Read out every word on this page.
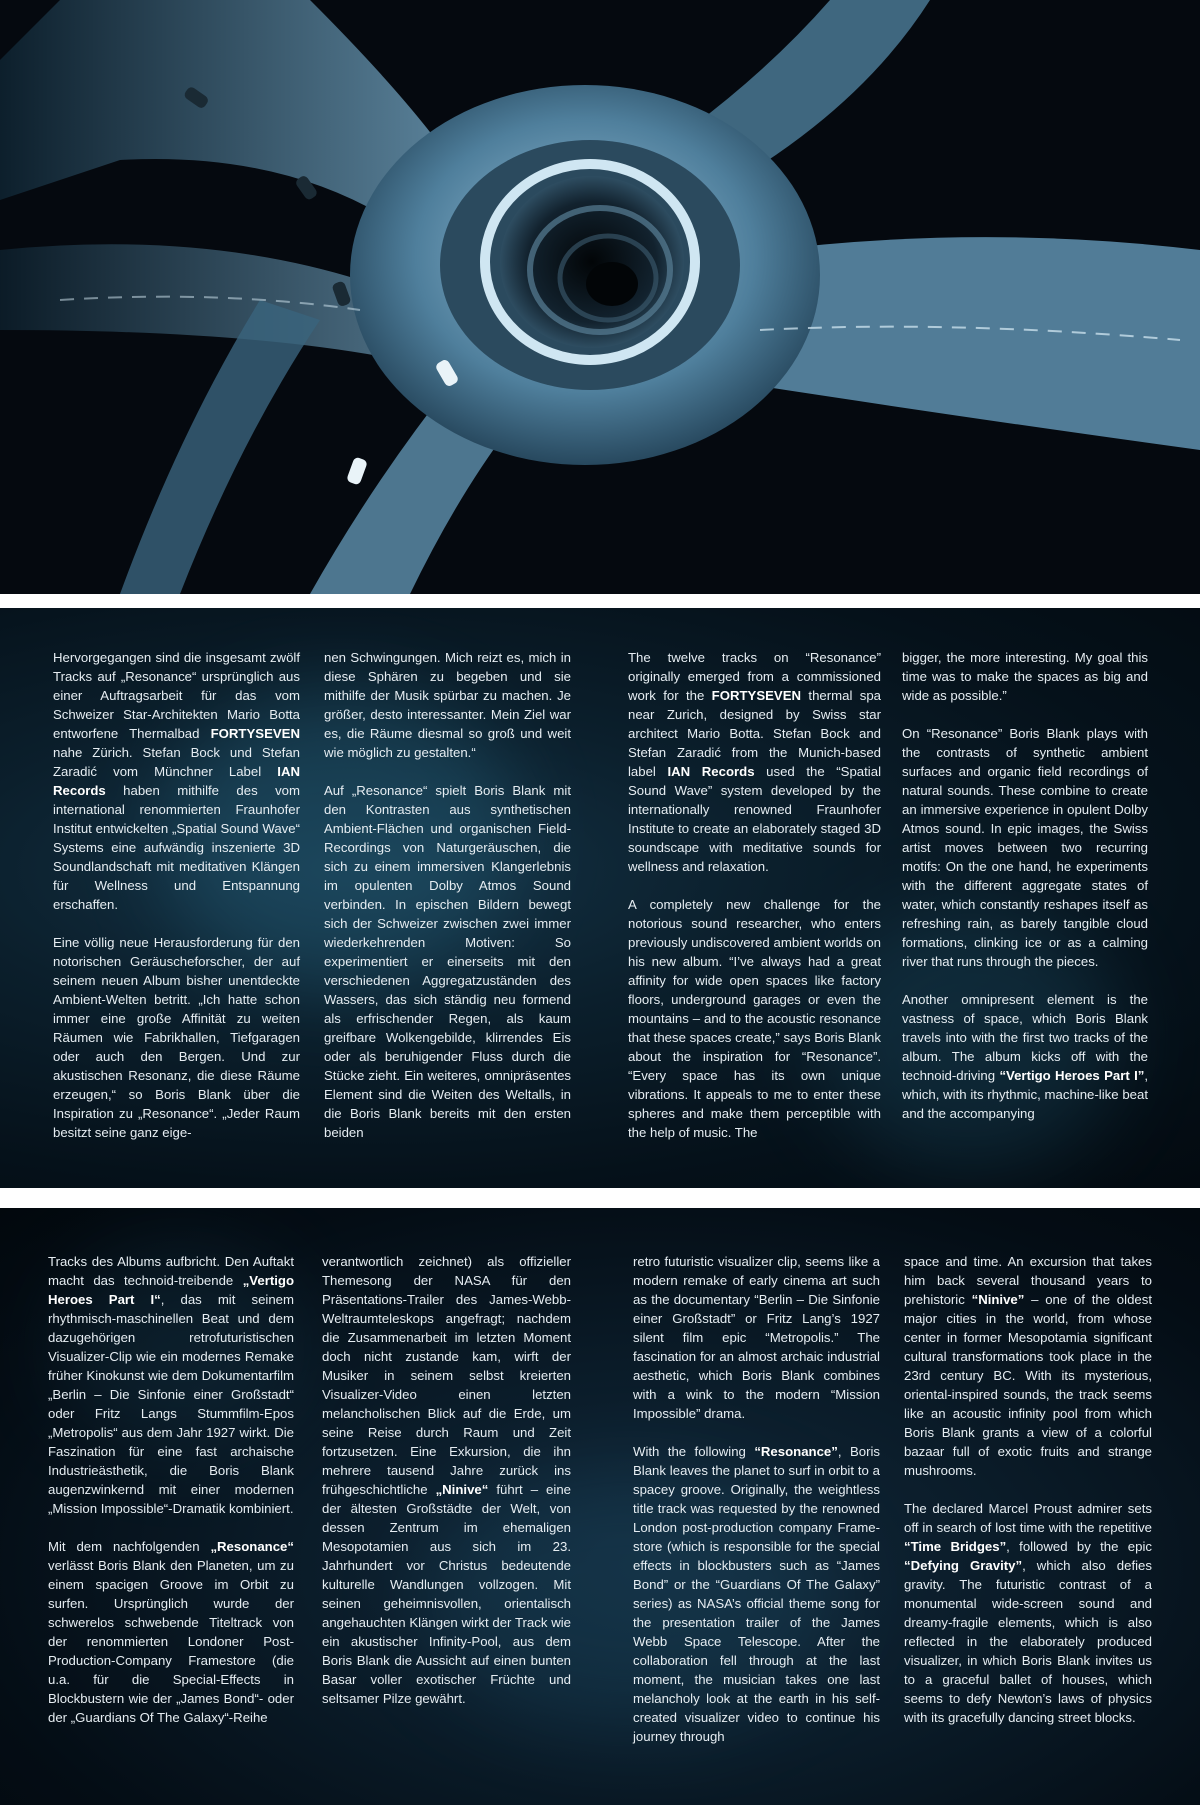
Hervorgegangen sind die insgesamt zwölf Tracks auf „Resonance“ ursprünglich aus einer Auftragsarbeit für das vom Schweizer Star-Architekten Mario Botta entworfene Thermalbad FORTYSEVEN nahe Zürich. Stefan Bock und Stefan Zaradić vom Münchner Label IAN Records haben mithilfe des vom international renommierten Fraunhofer Institut entwickelten „Spatial Sound Wave“ Systems eine aufwändig inszenierte 3D Soundlandschaft mit meditativen Klängen für Wellness und Entspannung erschaffen.

Eine völlig neue Herausforderung für den notorischen Geräuscheforscher, der auf seinem neuen Album bisher unentdeckte Ambient-Welten betritt. „Ich hatte schon immer eine große Affinität zu weiten Räumen wie Fabrikhallen, Tiefgaragen oder auch den Bergen. Und zur akustischen Resonanz, die diese Räume erzeugen,“ so Boris Blank über die Inspiration zu „Resonance“. „Jeder Raum besitzt seine ganz eige-

nen Schwingungen. Mich reizt es, mich in diese Sphären zu begeben und sie mithilfe der Musik spürbar zu machen. Je größer, desto interessanter. Mein Ziel war es, die Räume diesmal so groß und weit wie möglich zu gestalten.“

Auf „Resonance“ spielt Boris Blank mit den Kontrasten aus synthetischen Ambient-Flächen und organischen Field-Recordings von Naturgeräuschen, die sich zu einem immersiven Klangerlebnis im opulenten Dolby Atmos Sound verbinden. In epischen Bildern bewegt sich der Schweizer zwischen zwei immer wiederkehrenden Motiven: So experimentiert er einerseits mit den verschiedenen Aggregatzuständen des Wassers, das sich ständig neu formend als erfrischender Regen, als kaum greifbare Wolkengebilde, klirrendes Eis oder als beruhigender Fluss durch die Stücke zieht. Ein weiteres, omnipräsentes Element sind die Weiten des Weltalls, in die Boris Blank bereits mit den ersten beiden

The twelve tracks on “Resonance” originally emerged from a commissioned work for the FORTYSEVEN thermal spa near Zurich, designed by Swiss star architect Mario Botta. Stefan Bock and Stefan Zaradić from the Munich-based label IAN Records used the “Spatial Sound Wave” system developed by the internationally renowned Fraunhofer Institute to create an elaborately staged 3D soundscape with meditative sounds for wellness and relaxation.

A completely new challenge for the notorious sound researcher, who enters previously undiscovered ambient worlds on his new album. “I’ve always had a great affinity for wide open spaces like factory floors, underground garages or even the mountains – and to the acoustic resonance that these spaces create,” says Boris Blank about the inspiration for “Resonance”. “Every space has its own unique vibrations. It appeals to me to enter these spheres and make them perceptible with the help of music. The

bigger, the more interesting. My goal this time was to make the spaces as big and wide as possible.”

On “Resonance” Boris Blank plays with the contrasts of synthetic ambient surfaces and organic field recordings of natural sounds. These combine to create an immersive experience in opulent Dolby Atmos sound. In epic images, the Swiss artist moves between two recurring motifs: On the one hand, he experiments with the different aggregate states of water, which constantly reshapes itself as refreshing rain, as barely tangible cloud formations, clinking ice or as a calming river that runs through the pieces.

Another omnipresent element is the vastness of space, which Boris Blank travels into with the first two tracks of the album. The album kicks off with the technoid-driving “Vertigo Heroes Part I”, which, with its rhythmic, machine-like beat and the accompanying

Tracks des Albums aufbricht. Den Auftakt macht das technoid-treibende „Vertigo Heroes Part I“, das mit seinem rhythmisch-maschinellen Beat und dem dazugehörigen retrofuturistischen Visualizer-Clip wie ein modernes Remake früher Kinokunst wie dem Dokumentarfilm „Berlin – Die Sinfonie einer Großstadt“ oder Fritz Langs Stummfilm-Epos „Metropolis“ aus dem Jahr 1927 wirkt. Die Faszination für eine fast archaische Industrieästhetik, die Boris Blank augenzwinkernd mit einer modernen „Mission Impossible“-Dramatik kombiniert.

Mit dem nachfolgenden „Resonance“ verlässt Boris Blank den Planeten, um zu einem spacigen Groove im Orbit zu surfen. Ursprünglich wurde der schwerelos schwebende Titeltrack von der renommierten Londoner Post-Production-Company Framestore (die u.a. für die Special-Effects in Blockbustern wie der „James Bond“- oder der „Guardians Of The Galaxy“-Reihe

verantwortlich zeichnet) als offizieller Themesong der NASA für den Präsentations-Trailer des James-Webb-Weltraumteleskops angefragt; nachdem die Zusammenarbeit im letzten Moment doch nicht zustande kam, wirft der Musiker in seinem selbst kreierten Visualizer-Video einen letzten melancholischen Blick auf die Erde, um seine Reise durch Raum und Zeit fortzusetzen. Eine Exkursion, die ihn mehrere tausend Jahre zurück ins frühgeschichtliche „Ninive“ führt – eine der ältesten Großstädte der Welt, von dessen Zentrum im ehemaligen Mesopotamien aus sich im 23. Jahrhundert vor Christus bedeutende kulturelle Wandlungen vollzogen. Mit seinen geheimnisvollen, orientalisch angehauchten Klängen wirkt der Track wie ein akustischer Infinity-Pool, aus dem Boris Blank die Aussicht auf einen bunten Basar voller exotischer Früchte und seltsamer Pilze gewährt.

retro futuristic visualizer clip, seems like a modern remake of early cinema art such as the documentary “Berlin – Die Sinfonie einer Großstadt” or Fritz Lang’s 1927 silent film epic “Metropolis.” The fascination for an almost archaic industrial aesthetic, which Boris Blank combines with a wink to the modern “Mission Impossible” drama.

With the following “Resonance”, Boris Blank leaves the planet to surf in orbit to a spacey groove. Originally, the weightless title track was requested by the renowned London post-production company Frame-store (which is responsible for the special effects in blockbusters such as “James Bond” or the “Guardians Of The Galaxy” series) as NASA’s official theme song for the presentation trailer of the James Webb Space Telescope. After the collaboration fell through at the last moment, the musician takes one last melancholy look at the earth in his self-created visualizer video to continue his journey through

space and time. An excursion that takes him back several thousand years to prehistoric “Ninive” – one of the oldest major cities in the world, from whose center in former Mesopotamia significant cultural transformations took place in the 23rd century BC. With its mysterious, oriental-inspired sounds, the track seems like an acoustic infinity pool from which Boris Blank grants a view of a colorful bazaar full of exotic fruits and strange mushrooms.

The declared Marcel Proust admirer sets off in search of lost time with the repetitive “Time Bridges”, followed by the epic “Defying Gravity”, which also defies gravity. The futuristic contrast of a monumental wide-screen sound and dreamy-fragile elements, which is also reflected in the elaborately produced visualizer, in which Boris Blank invites us to a graceful ballet of houses, which seems to defy Newton’s laws of physics with its gracefully dancing street blocks.
